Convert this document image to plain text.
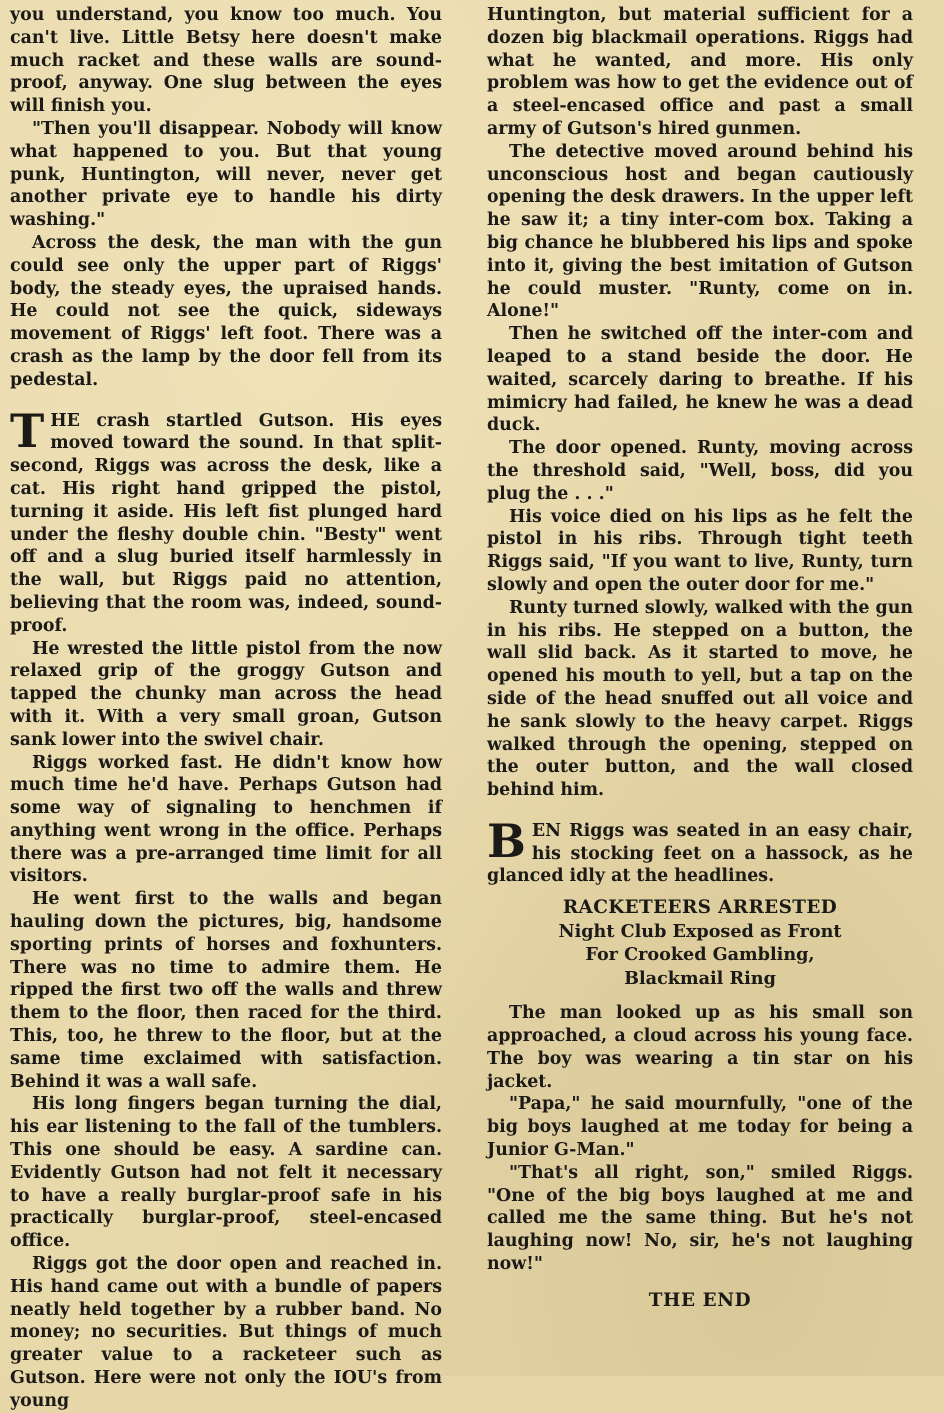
you understand, you know too much. You can't live. Little Betsy here doesn't make much racket and these walls are sound-proof, anyway. One slug between the eyes will finish you.

"Then you'll disappear. Nobody will know what happened to you. But that young punk, Huntington, will never, never get another private eye to handle his dirty washing."

Across the desk, the man with the gun could see only the upper part of Riggs' body, the steady eyes, the upraised hands. He could not see the quick, sideways movement of Riggs' left foot. There was a crash as the lamp by the door fell from its pedestal.

THE crash startled Gutson. His eyes moved toward the sound. In that split-second, Riggs was across the desk, like a cat. His right hand gripped the pistol, turning it aside. His left fist plunged hard under the fleshy double chin. "Besty" went off and a slug buried itself harmlessly in the wall, but Riggs paid no attention, believing that the room was, indeed, sound-proof.

He wrested the little pistol from the now relaxed grip of the groggy Gutson and tapped the chunky man across the head with it. With a very small groan, Gutson sank lower into the swivel chair.

Riggs worked fast. He didn't know how much time he'd have. Perhaps Gutson had some way of signaling to henchmen if anything went wrong in the office. Perhaps there was a pre-arranged time limit for all visitors.

He went first to the walls and began hauling down the pictures, big, handsome sporting prints of horses and foxhunters. There was no time to admire them. He ripped the first two off the walls and threw them to the floor, then raced for the third. This, too, he threw to the floor, but at the same time exclaimed with satisfaction. Behind it was a wall safe.

His long fingers began turning the dial, his ear listening to the fall of the tumblers. This one should be easy. A sardine can. Evidently Gutson had not felt it necessary to have a really burglar-proof safe in his practically burglar-proof, steel-encased office.

Riggs got the door open and reached in. His hand came out with a bundle of papers neatly held together by a rubber band. No money; no securities. But things of much greater value to a racketeer such as Gutson. Here were not only the IOU's from young

Huntington, but material sufficient for a dozen big blackmail operations. Riggs had what he wanted, and more. His only problem was how to get the evidence out of a steel-encased office and past a small army of Gutson's hired gunmen.

The detective moved around behind his unconscious host and began cautiously opening the desk drawers. In the upper left he saw it; a tiny inter-com box. Taking a big chance he blubbered his lips and spoke into it, giving the best imitation of Gutson he could muster. "Runty, come on in. Alone!"

Then he switched off the inter-com and leaped to a stand beside the door. He waited, scarcely daring to breathe. If his mimicry had failed, he knew he was a dead duck.

The door opened. Runty, moving across the threshold said, "Well, boss, did you plug the . . ."

His voice died on his lips as he felt the pistol in his ribs. Through tight teeth Riggs said, "If you want to live, Runty, turn slowly and open the outer door for me."

Runty turned slowly, walked with the gun in his ribs. He stepped on a button, the wall slid back. As it started to move, he opened his mouth to yell, but a tap on the side of the head snuffed out all voice and he sank slowly to the heavy carpet. Riggs walked through the opening, stepped on the outer button, and the wall closed behind him.

BEN Riggs was seated in an easy chair, his stocking feet on a hassock, as he glanced idly at the headlines.

RACKETEERS ARRESTED
Night Club Exposed as Front
For Crooked Gambling,
Blackmail Ring

The man looked up as his small son approached, a cloud across his young face. The boy was wearing a tin star on his jacket.

"Papa," he said mournfully, "one of the big boys laughed at me today for being a Junior G-Man."

"That's all right, son," smiled Riggs. "One of the big boys laughed at me and called me the same thing. But he's not laughing now! No, sir, he's not laughing now!"

THE END
